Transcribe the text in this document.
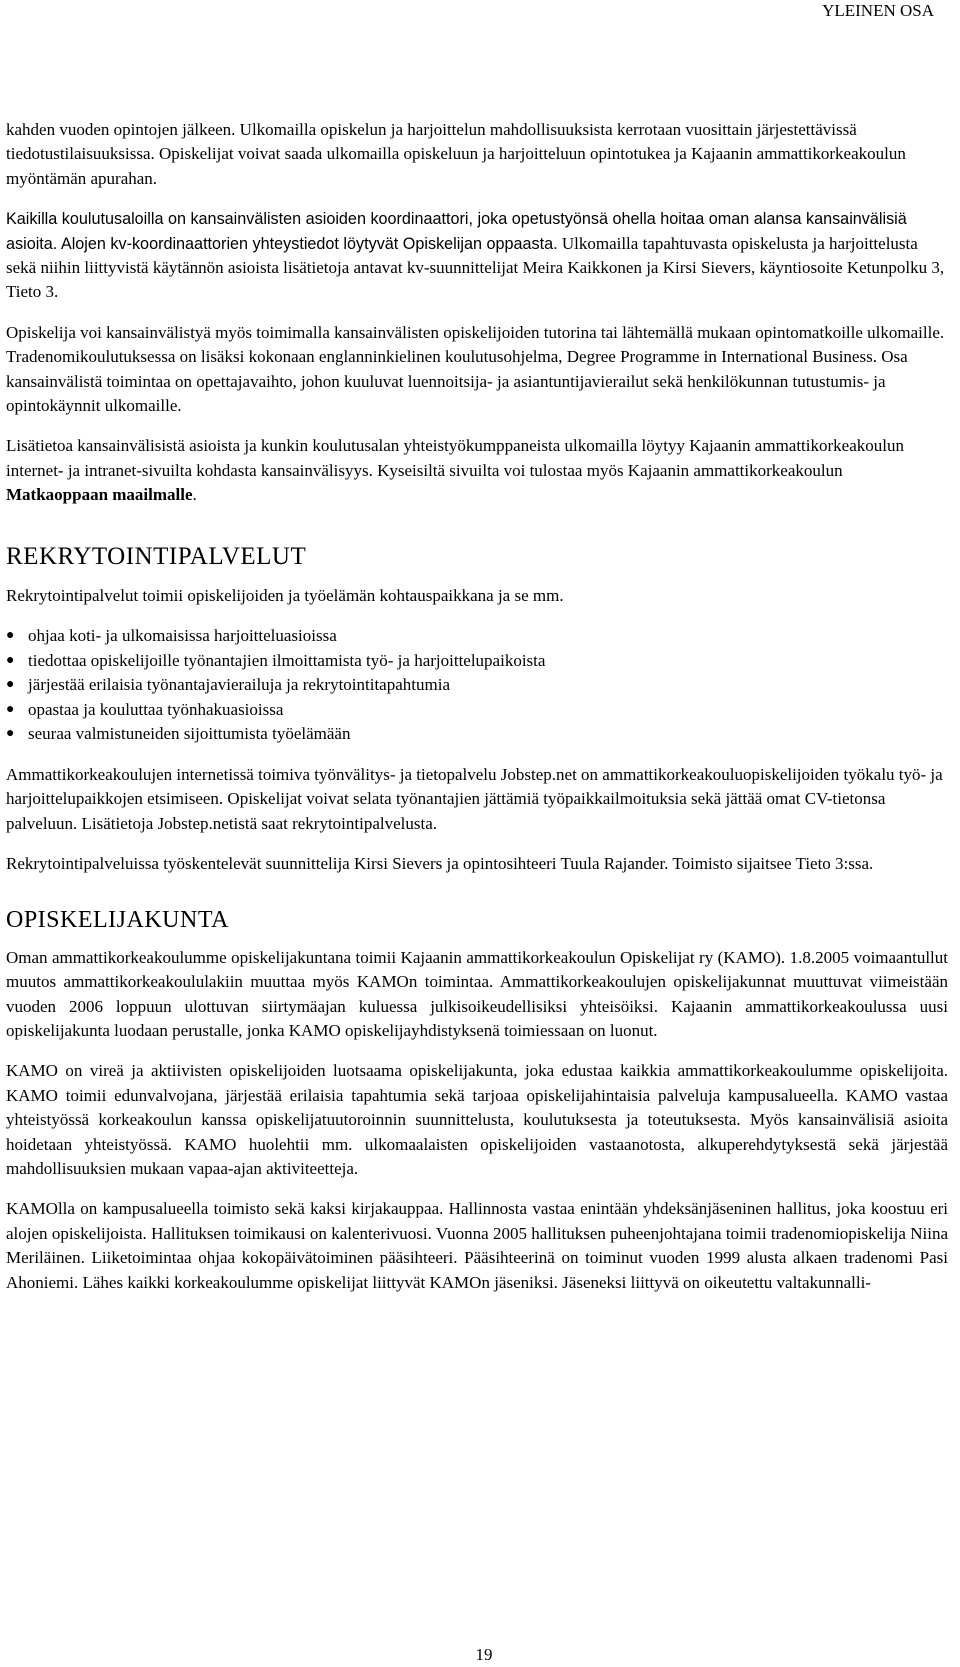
YLEINEN OSA

kahden vuoden opintojen jälkeen. Ulkomailla opiskelun ja harjoittelun mahdollisuuksista kerrotaan vuosittain järjestettävissä tiedotustilaisuuksissa. Opiskelijat voivat saada ulkomailla opiskeluun ja harjoitteluun opintotukea ja Kajaanin ammattikorkeakoulun myöntämän apurahan.

Kaikilla koulutusaloilla on kansainvälisten asioiden koordinaattori, joka opetustyönsä ohella hoitaa oman alansa kansainvälisiä asioita. Alojen kv-koordinaattorien yhteystiedot löytyvät Opiskelijan oppaasta. Ulkomailla tapahtuvasta opiskelusta ja harjoittelusta sekä niihin liittyvistä käytännön asioista lisätietoja antavat kv-suunnittelijat Meira Kaikkonen ja Kirsi Sievers, käyntiosoite Ketunpolku 3, Tieto 3.

Opiskelija voi kansainvälistyä myös toimimalla kansainvälisten opiskelijoiden tutorina tai lähtemällä mukaan opintomatkoille ulkomaille. Tradenomikoulutuksessa on lisäksi kokonaan englanninkielinen koulutusohjelma, Degree Programme in International Business. Osa kansainvälistä toimintaa on opettajavaihto, johon kuuluvat luennoitsija- ja asiantuntijavierailut sekä henkilökunnan tutustumis- ja opintokäynnit ulkomaille.

Lisätietoa kansainvälisistä asioista ja kunkin koulutusalan yhteistyökumppaneista ulkomailla löytyy Kajaanin ammattikorkeakoulun internet- ja intranet-sivuilta kohdasta kansainvälisyys. Kyseisiltä sivuilta voi tulostaa myös Kajaanin ammattikorkeakoulun Matkaoppaan maailmalle.

REKRYTOINTIPALVELUT

Rekrytointipalvelut toimii opiskelijoiden ja työelämän kohtauspaikkana ja se mm.

● ohjaa koti- ja ulkomaisissa harjoitteluasioissa
● tiedottaa opiskelijoille työnantajien ilmoittamista työ- ja harjoittelupaikoista
● järjestää erilaisia työnantajavierailuja ja rekrytointitapahtumia
● opastaa ja kouluttaa työnhakuasioissa
● seuraa valmistuneiden sijoittumista työelämään

Ammattikorkeakoulujen internetissä toimiva työnvälitys- ja tietopalvelu Jobstep.net on ammattikorkeakouluopiskelijoiden työkalu työ- ja harjoittelupaikkojen etsimiseen. Opiskelijat voivat selata työnantajien jättämiä työpaikkailmoituksia sekä jättää omat CV-tietonsa palveluun. Lisätietoja Jobstep.netistä saat rekrytointipalvelusta.

Rekrytointipalveluissa työskentelevät suunnittelija Kirsi Sievers ja opintosihteeri Tuula Rajander. Toimisto sijaitsee Tieto 3:ssa.

OPISKELIJAKUNTA

Oman ammattikorkeakoulumme opiskelijakuntana toimii Kajaanin ammattikorkeakoulun Opiskelijat ry (KAMO). 1.8.2005 voimaantullut muutos ammattikorkeakoululakiin muuttaa myös KAMOn toimintaa. Ammattikorkeakoulujen opiskelijakunnat muuttuvat viimeistään vuoden 2006 loppuun ulottuvan siirtymäajan kuluessa julkisoikeudellisiksi yhteisöiksi. Kajaanin ammattikorkeakoulussa uusi opiskelijakunta luodaan perustalle, jonka KAMO opiskelijayhdistyksenä toimiessaan on luonut.

KAMO on vireä ja aktiivisten opiskelijoiden luotsaama opiskelijakunta, joka edustaa kaikkia ammattikorkeakoulumme opiskelijoita. KAMO toimii edunvalvojana, järjestää erilaisia tapahtumia sekä tarjoaa opiskelijahintaisia palveluja kampusalueella. KAMO vastaa yhteistyössä korkeakoulun kanssa opiskelijatuutoroinnin suunnittelusta, koulutuksesta ja toteutuksesta. Myös kansainvälisiä asioita hoidetaan yhteistyössä. KAMO huolehtii mm. ulkomaalaisten opiskelijoiden vastaanotosta, alkuperehdytyksestä sekä järjestää mahdollisuuksien mukaan vapaa-ajan aktiviteetteja.

KAMOlla on kampusalueella toimisto sekä kaksi kirjakauppaa. Hallinnosta vastaa enintään yhdeksänjäseninen hallitus, joka koostuu eri alojen opiskelijoista. Hallituksen toimikausi on kalenterivuosi. Vuonna 2005 hallituksen puheenjohtajana toimii tradenomiopiskelija Niina Meriläinen. Liiketoimintaa ohjaa kokopäivätoiminen pääsihteeri. Pääsihteerinä on toiminut vuoden 1999 alusta alkaen tradenomi Pasi Ahoniemi. Lähes kaikki korkeakoulumme opiskelijat liittyvät KAMOn jäseniksi. Jäseneksi liittyvä on oikeutettu valtakunnalli-

19
